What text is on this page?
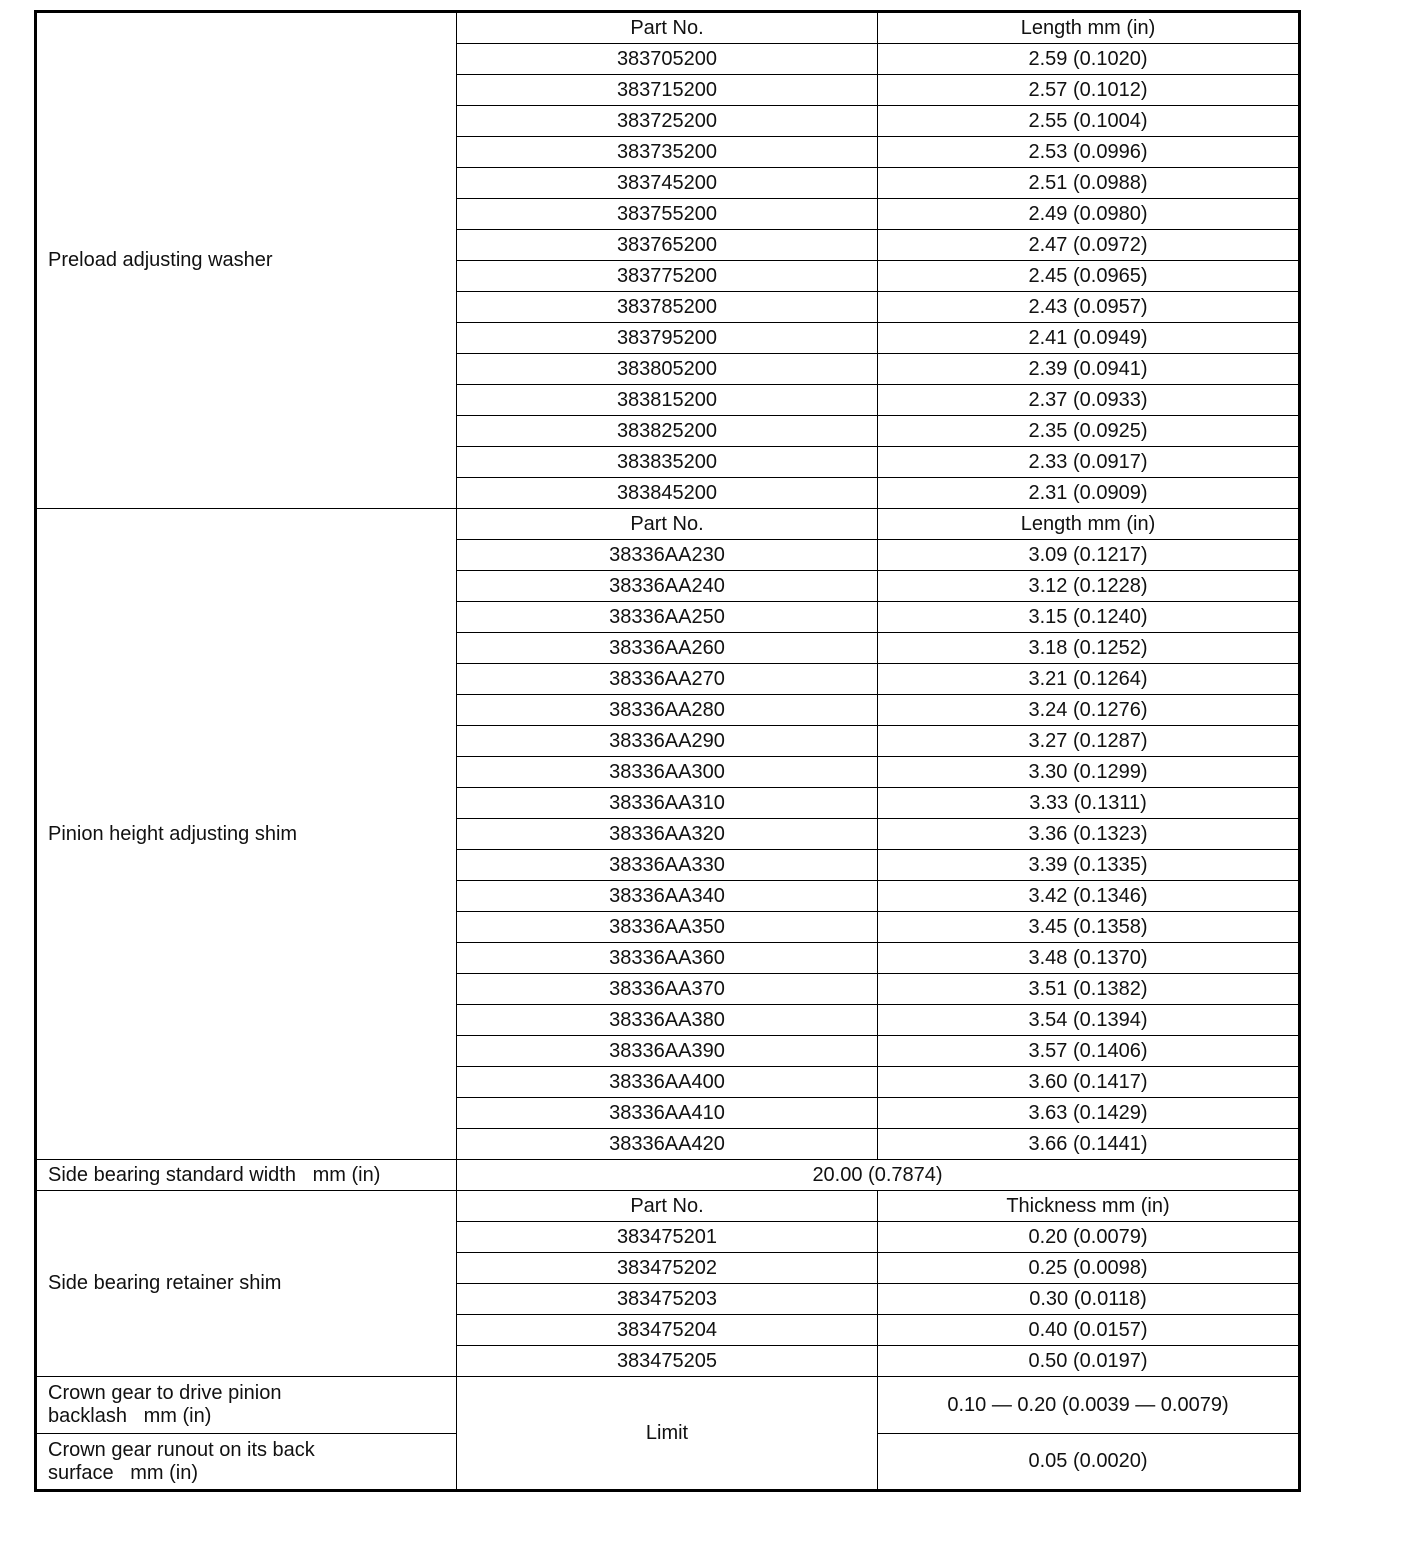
Preload adjusting washer	Part No.	Length mm (in)
	383705200	2.59 (0.1020)
	383715200	2.57 (0.1012)
	383725200	2.55 (0.1004)
	383735200	2.53 (0.0996)
	383745200	2.51 (0.0988)
	383755200	2.49 (0.0980)
	383765200	2.47 (0.0972)
	383775200	2.45 (0.0965)
	383785200	2.43 (0.0957)
	383795200	2.41 (0.0949)
	383805200	2.39 (0.0941)
	383815200	2.37 (0.0933)
	383825200	2.35 (0.0925)
	383835200	2.33 (0.0917)
	383845200	2.31 (0.0909)
Pinion height adjusting shim	Part No.	Length mm (in)
	38336AA230	3.09 (0.1217)
	38336AA240	3.12 (0.1228)
	38336AA250	3.15 (0.1240)
	38336AA260	3.18 (0.1252)
	38336AA270	3.21 (0.1264)
	38336AA280	3.24 (0.1276)
	38336AA290	3.27 (0.1287)
	38336AA300	3.30 (0.1299)
	38336AA310	3.33 (0.1311)
	38336AA320	3.36 (0.1323)
	38336AA330	3.39 (0.1335)
	38336AA340	3.42 (0.1346)
	38336AA350	3.45 (0.1358)
	38336AA360	3.48 (0.1370)
	38336AA370	3.51 (0.1382)
	38336AA380	3.54 (0.1394)
	38336AA390	3.57 (0.1406)
	38336AA400	3.60 (0.1417)
	38336AA410	3.63 (0.1429)
	38336AA420	3.66 (0.1441)
Side bearing standard width   mm (in)	20.00 (0.7874)	
Side bearing retainer shim	Part No.	Thickness mm (in)
	383475201	0.20 (0.0079)
	383475202	0.25 (0.0098)
	383475203	0.30 (0.0118)
	383475204	0.40 (0.0157)
	383475205	0.50 (0.0197)
Crown gear to drive pinion
backlash   mm (in)	Limit	0.10 — 0.20 (0.0039 — 0.0079)
Crown gear runout on its back
surface   mm (in)		0.05 (0.0020)
